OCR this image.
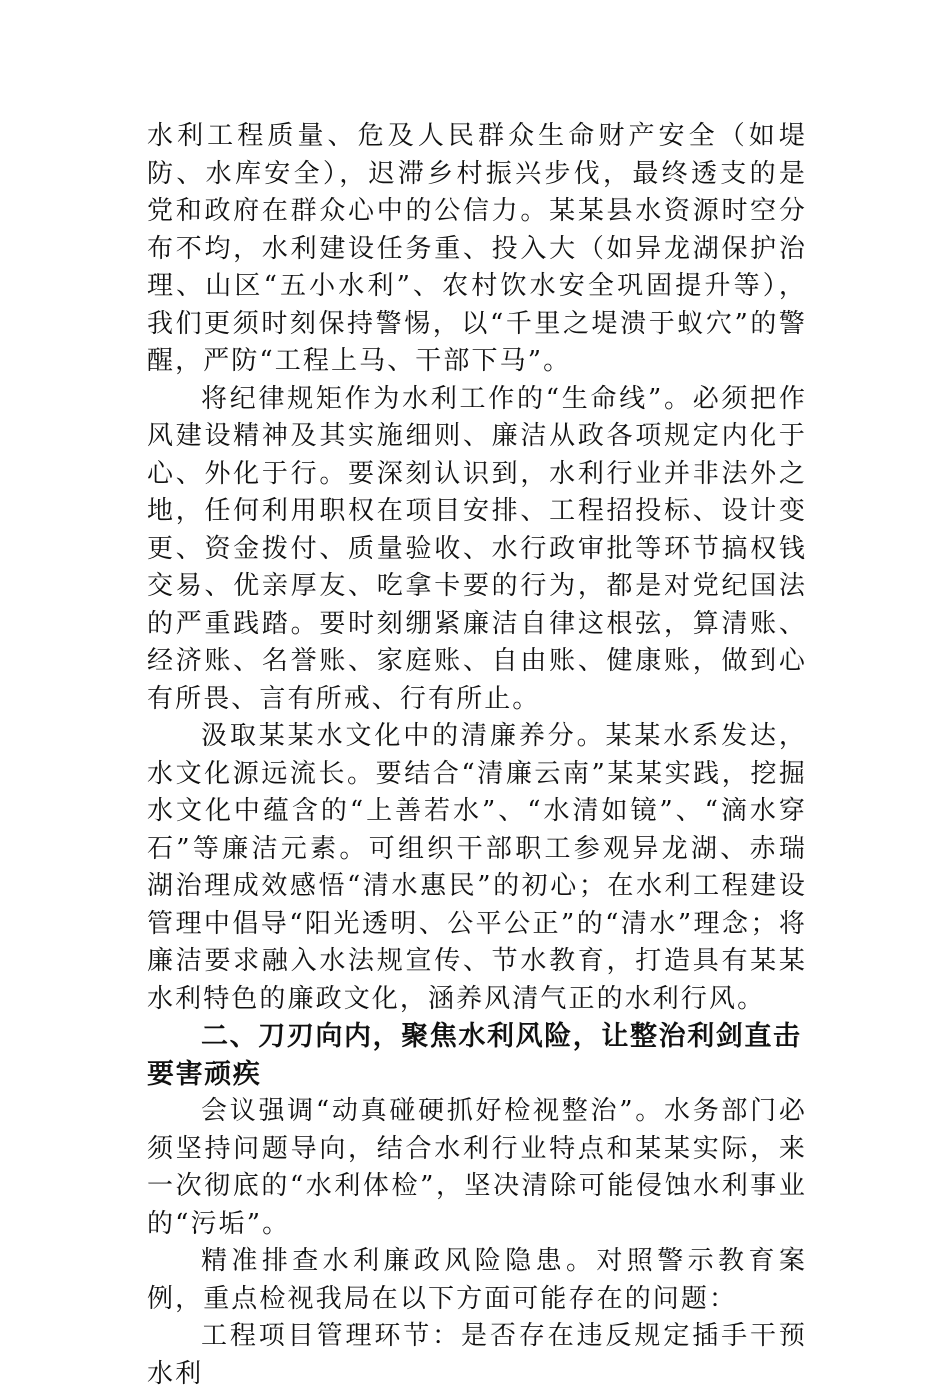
水利工程质量、危及人民群众生命财产安全（如堤防、水库安全），迟滞乡村振兴步伐，最终透支的是党和政府在群众心中的公信力。某某县水资源时空分布不均，水利建设任务重、投入大（如异龙湖保护治理、山区“五小水利”、农村饮水安全巩固提升等），我们更须时刻保持警惕，以“千里之堤溃于蚁穴”的警醒，严防“工程上马、干部下马”。

将纪律规矩作为水利工作的“生命线”。必须把作风建设精神及其实施细则、廉洁从政各项规定内化于心、外化于行。要深刻认识到，水利行业并非法外之地，任何利用职权在项目安排、工程招投标、设计变更、资金拨付、质量验收、水行政审批等环节搞权钱交易、优亲厚友、吃拿卡要的行为，都是对党纪国法的严重践踏。要时刻绷紧廉洁自律这根弦，算清账、经济账、名誉账、家庭账、自由账、健康账，做到心有所畏、言有所戒、行有所止。

汲取某某水文化中的清廉养分。某某水系发达，水文化源远流长。要结合“清廉云南”某某实践，挖掘水文化中蕴含的“上善若水”、“水清如镜”、“滴水穿石”等廉洁元素。可组织干部职工参观异龙湖、赤瑞湖治理成效感悟“清水惠民”的初心；在水利工程建设管理中倡导“阳光透明、公平公正”的“清水”理念；将廉洁要求融入水法规宣传、节水教育，打造具有某某水利特色的廉政文化，涵养风清气正的水利行风。

二、刀刃向内，聚焦水利风险，让整治利剑直击要害顽疾

会议强调“动真碰硬抓好检视整治”。水务部门必须坚持问题导向，结合水利行业特点和某某实际，来一次彻底的“水利体检”，坚决清除可能侵蚀水利事业的“污垢”。

精准排查水利廉政风险隐患。对照警示教育案例，重点检视我局在以下方面可能存在的问题：

工程项目管理环节：是否存在违反规定插手干预水利
